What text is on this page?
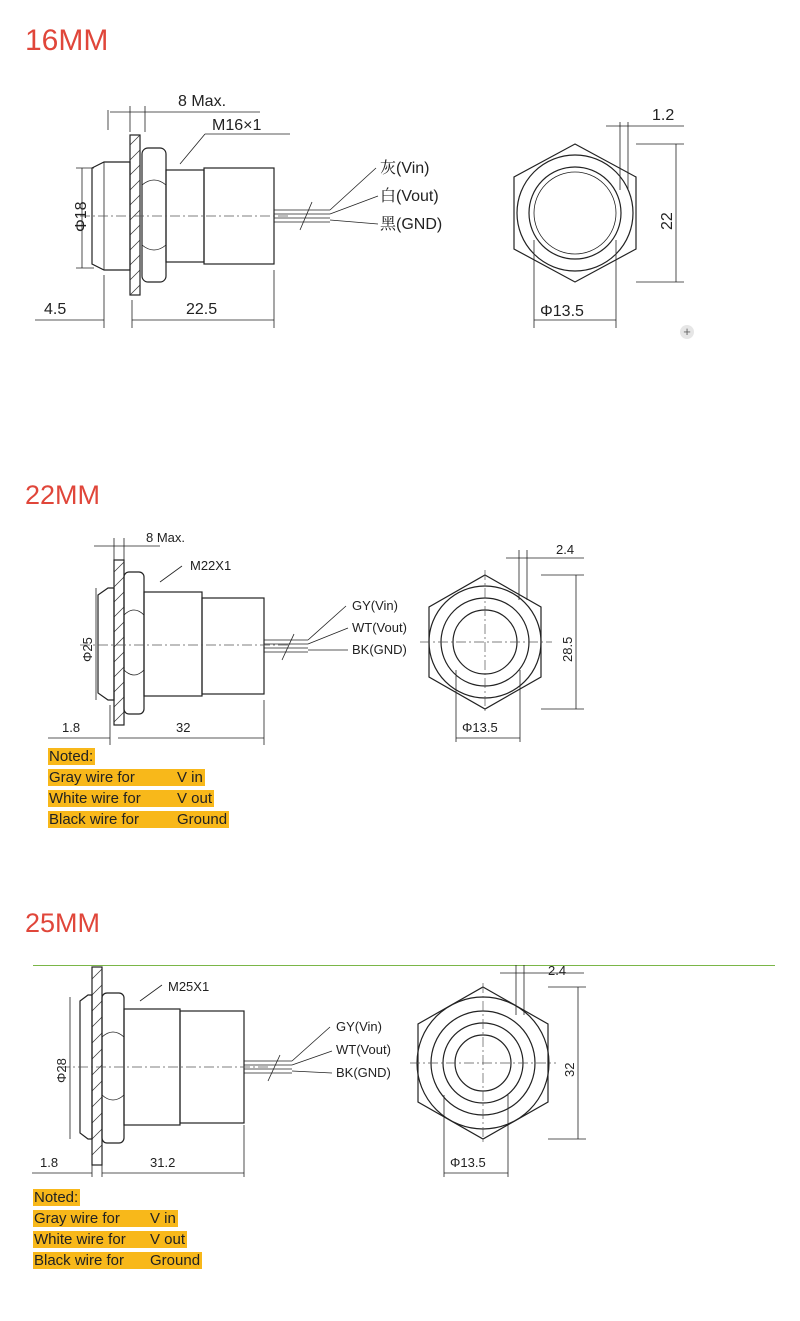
16MM
8 Max.
M16×1
Φ18
4.5	22.5
灰(Vin)
白(Vout)
黑(GND)
1.2
22
Φ13.5
+
22MM
8 Max.
M22X1
Φ25
1.8	32
GY(Vin)
WT(Vout)
BK(GND)
2.4
28.5
Φ13.5
Noted:
Gray wire for	V in
White wire for V out
Black wire for	Ground
25MM
M25X1
Φ28
1.8	31.2
GY(Vin)
WT(Vout)
BK(GND)
2.4
32
Φ13.5
Noted:
Gray wire for V in
White wire for V out
Black wire for Ground
